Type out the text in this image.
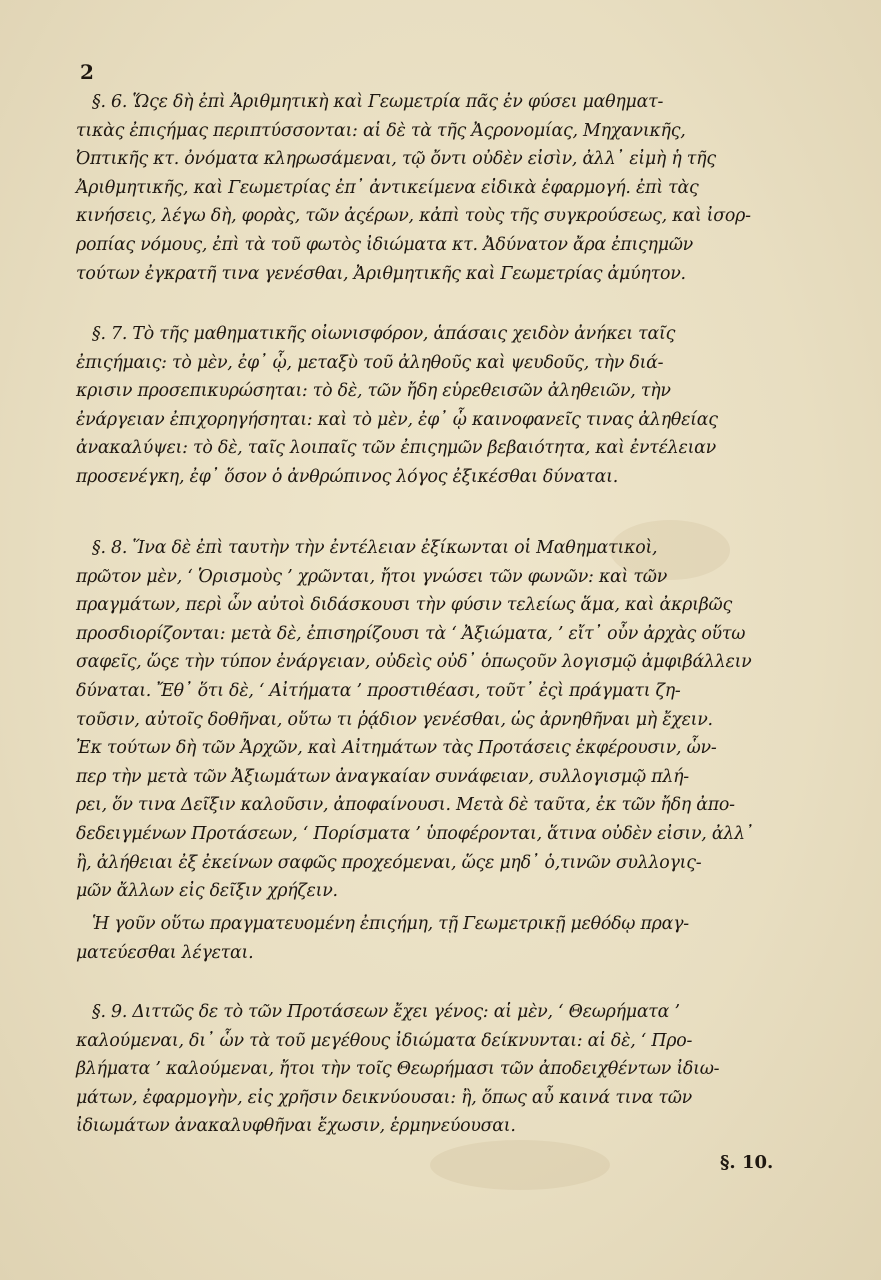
2
§. 6. Ὥςε δὴ ἐπὶ Ἀριθμητικὴ καὶ Γεωμετρία πᾶς ἐν φύσει μαθηματ-
τικὰς ἐπιςήμας περιπτύσσονται: αἱ δὲ τὰ τῆς Ἀςρονομίας, Μηχανικῆς,
Ὀπτικῆς κτ. ὀνόματα κληρωσάμεναι, τῷ ὄντι οὐδὲν εἰσὶν, ἀλλ᾽ εἰμὴ ἡ τῆς
Ἀριθμητικῆς, καὶ Γεωμετρίας ἐπ᾽ ἀντικείμενα εἰδικὰ ἐφαρμογή. ἐπὶ τὰς
κινήσεις, λέγω δὴ, φορὰς, τῶν ἀςέρων, κἀπὶ τοὺς τῆς συγκρούσεως, καὶ ἰσορ-
ροπίας νόμους, ἐπὶ τὰ τοῦ φωτὸς ἰδιώματα κτ. Ἀδύνατον ἄρα ἐπιςημῶν
τούτων ἐγκρατῆ τινα γενέσθαι, Ἀριθμητικῆς καὶ Γεωμετρίας ἀμύητον.
§. 7. Τὸ τῆς μαθηματικῆς οἰωνισφόρον, ἁπάσαις χειδὸν ἀνήκει ταῖς
ἐπιςήμαις: τὸ μὲν, ἐφ᾽ ᾧ, μεταξὺ τοῦ ἀληθοῦς καὶ ψευδοῦς, τὴν διά-
κρισιν προσεπικυρώσηται: τὸ δὲ, τῶν ἤδη εὑρεθεισῶν ἀληθειῶν, τὴν
ἐνάργειαν ἐπιχορηγήσηται: καὶ τὸ μὲν, ἐφ᾽ ᾧ καινοφανεῖς τινας ἀληθείας
ἀνακαλύψει: τὸ δὲ, ταῖς λοιπαῖς τῶν ἐπιςημῶν βεβαιότητα, καὶ ἐντέλειαν
προσενέγκη, ἐφ᾽ ὅσον ὁ ἀνθρώπινος λόγος ἐξικέσθαι δύναται.
§. 8. Ἵνα δὲ ἐπὶ ταυτὴν τὴν ἐντέλειαν ἐξίκωνται οἱ Μαθηματικοὶ,
πρῶτον μὲν, ‘ Ὁρισμοὺς ’ χρῶνται, ἤτοι γνώσει τῶν φωνῶν: καὶ τῶν
πραγμάτων, περὶ ὧν αὐτοὶ διδάσκουσι τὴν φύσιν τελείως ἅμα, καὶ ἀκριβῶς
προσδιορίζονται: μετὰ δὲ, ἐπισηρίζουσι τὰ ‘ Ἀξιώματα, ’ εἴτ᾽ οὖν ἀρχὰς οὕτω
σαφεῖς, ὥςε τὴν τύπον ἐνάργειαν, οὐδεὶς οὐδ᾽ ὁπωςοῦν λογισμῷ ἀμφιβάλλειν
δύναται. Ἔθ᾽ ὅτι δὲ, ‘ Αἰτήματα ’ προστιθέασι, τοῦτ᾽ ἐςὶ πράγματι ζη-
τοῦσιν, αὐτοῖς δοθῆναι, οὕτω τι ῥᾴδιον γενέσθαι, ὡς ἀρνηθῆναι μὴ ἔχειν.
Ἐκ τούτων δὴ τῶν Ἀρχῶν, καὶ Αἰτημάτων τὰς Προτάσεις ἐκφέρουσιν, ὧν-
περ τὴν μετὰ τῶν Ἀξιωμάτων ἀναγκαίαν συνάφειαν, συλλογισμῷ πλή-
ρει, ὅν τινα Δεῖξιν καλοῦσιν, ἀποφαίνουσι. Μετὰ δὲ ταῦτα, ἐκ τῶν ἤδη ἀπο-
δεδειγμένων Προτάσεων, ‘ Πορίσματα ’ ὑποφέρονται, ἅτινα οὐδὲν εἰσιν, ἀλλ᾽
ἢ, ἀλήθειαι ἐξ ἐκείνων σαφῶς προχεόμεναι, ὥςε μηδ᾽ ὁ,τινῶν συλλογις-
μῶν ἄλλων εἰς δεῖξιν χρήζειν.
Ἡ γοῦν οὕτω πραγματευομένη ἐπιςήμη, τῇ Γεωμετρικῇ μεθόδῳ πραγ-
ματεύεσθαι λέγεται.
§. 9. Διττῶς δε τὸ τῶν Προτάσεων ἔχει γένος: αἱ μὲν, ‘ Θεωρήματα ’
καλούμεναι, δι᾽ ὧν τὰ τοῦ μεγέθους ἰδιώματα δείκνυνται: αἱ δὲ, ‘ Προ-
βλήματα ’ καλούμεναι, ἤτοι τὴν τοῖς Θεωρήμασι τῶν ἀποδειχθέντων ἰδιω-
μάτων, ἐφαρμογὴν, εἰς χρῆσιν δεικνύουσαι: ἢ, ὅπως αὖ καινά τινα τῶν
ἰδιωμάτων ἀνακαλυφθῆναι ἔχωσιν, ἑρμηνεύουσαι.
§. 10.
